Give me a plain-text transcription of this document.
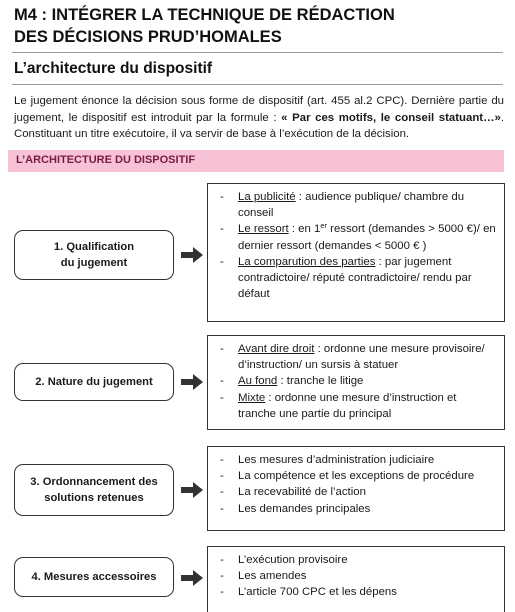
M4 : INTÉGRER LA TECHNIQUE DE RÉDACTION
DES DÉCISIONS PRUD’HOMALES
L’architecture du dispositif
Le jugement énonce la décision sous forme de dispositif (art. 455 al.2 CPC). Dernière partie du jugement, le dispositif est introduit par la formule : « Par ces motifs, le conseil statuant…». Constituant un titre exécutoire, il va servir de base à l’exécution de la décision.
L’ARCHITECTURE DU DISPOSITIF
1. Qualification
du jugement
- La publicité : audience publique/ chambre du conseil
- Le ressort : en 1er ressort (demandes > 5000 €)/ en dernier ressort (demandes < 5000 € )
- La comparution des parties : par jugement contradictoire/ réputé contradictoire/ rendu par défaut
2. Nature du jugement
- Avant dire droit : ordonne une mesure provisoire/ d’instruction/ un sursis à statuer
- Au fond : tranche le litige
- Mixte : ordonne une mesure d’instruction et tranche une partie du principal
3. Ordonnancement des
solutions retenues
- Les mesures d’administration judiciaire
- La compétence et les exceptions de procédure
- La recevabilité de l’action
- Les demandes principales
4. Mesures accessoires
- L’exécution provisoire
- Les amendes
- L’article 700 CPC et les dépens
